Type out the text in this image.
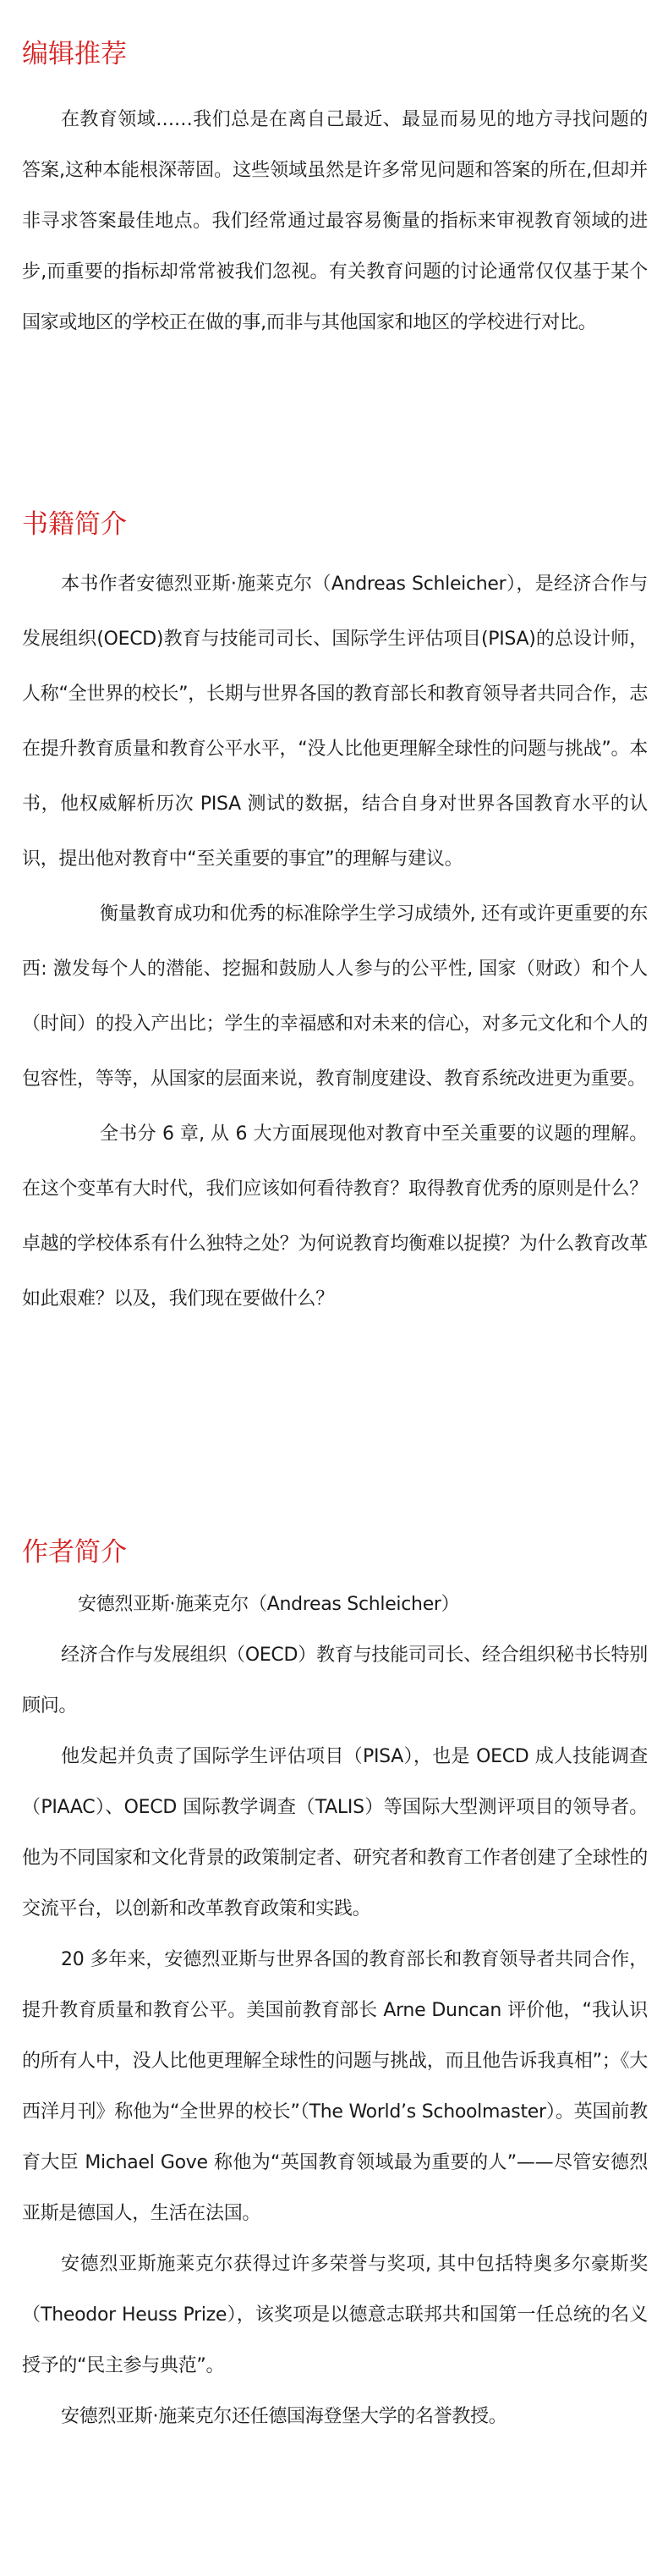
编辑推荐

在教育领域……我们总是在离自己最近、最显而易见的地方寻找问题的答案,这种本能根深蒂固。这些领域虽然是许多常见问题和答案的所在,但却并非寻求答案最佳地点。我们经常通过最容易衡量的指标来审视教育领域的进步,而重要的指标却常常被我们忽视。有关教育问题的讨论通常仅仅基于某个国家或地区的学校正在做的事,而非与其他国家和地区的学校进行对比。

书籍简介

本书作者安德烈亚斯·施莱克尔（Andreas Schleicher），是经济合作与发展组织(OECD)教育与技能司司长、国际学生评估项目(PISA)的总设计师，人称“全世界的校长”，长期与世界各国的教育部长和教育领导者共同合作，志在提升教育质量和教育公平水平，“没人比他更理解全球性的问题与挑战”。本书，他权威解析历次 PISA 测试的数据，结合自身对世界各国教育水平的认识，提出他对教育中“至关重要的事宜”的理解与建议。

衡量教育成功和优秀的标准除学生学习成绩外, 还有或许更重要的东西: 激发每个人的潜能、挖掘和鼓励人人参与的公平性, 国家（财政）和个人（时间）的投入产出比；学生的幸福感和对未来的信心，对多元文化和个人的包容性，等等，从国家的层面来说，教育制度建设、教育系统改进更为重要。

全书分 6 章, 从 6 大方面展现他对教育中至关重要的议题的理解。在这个变革有大时代，我们应该如何看待教育？取得教育优秀的原则是什么？卓越的学校体系有什么独特之处？为何说教育均衡难以捉摸？为什么教育改革如此艰难？以及，我们现在要做什么？

作者简介

安德烈亚斯·施莱克尔（Andreas Schleicher）

经济合作与发展组织（OECD）教育与技能司司长、经合组织秘书长特别顾问。

他发起并负责了国际学生评估项目（PISA），也是 OECD 成人技能调查（PIAAC）、OECD 国际教学调查（TALIS）等国际大型测评项目的领导者。他为不同国家和文化背景的政策制定者、研究者和教育工作者创建了全球性的交流平台，以创新和改革教育政策和实践。

20 多年来，安德烈亚斯与世界各国的教育部长和教育领导者共同合作，提升教育质量和教育公平。美国前教育部长 Arne Duncan 评价他，“我认识的所有人中，没人比他更理解全球性的问题与挑战，而且他告诉我真相”；《大西洋月刊》称他为“全世界的校长”（The World’s Schoolmaster）。英国前教育大臣 Michael Gove 称他为“英国教育领域最为重要的人”——尽管安德烈亚斯是德国人，生活在法国。

安德烈亚斯施莱克尔获得过许多荣誉与奖项, 其中包括特奥多尔豪斯奖（Theodor Heuss Prize），该奖项是以德意志联邦共和国第一任总统的名义授予的“民主参与典范”。

安德烈亚斯·施莱克尔还任德国海登堡大学的名誉教授。
